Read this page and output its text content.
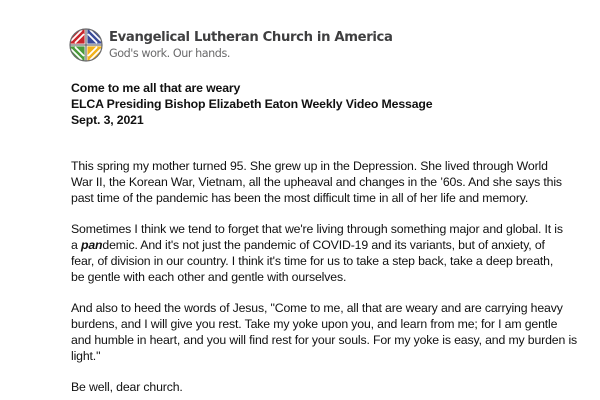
Evangelical Lutheran Church in America
God's work. Our hands.
Come to me all that are weary
ELCA Presiding Bishop Elizabeth Eaton Weekly Video Message
Sept. 3, 2021
This spring my mother turned 95. She grew up in the Depression. She lived through World
War II, the Korean War, Vietnam, all the upheaval and changes in the ’60s. And she says this
past time of the pandemic has been the most difficult time in all of her life and memory.
Sometimes I think we tend to forget that we're living through something major and global. It is
a pandemic. And it's not just the pandemic of COVID-19 and its variants, but of anxiety, of
fear, of division in our country. I think it's time for us to take a step back, take a deep breath,
be gentle with each other and gentle with ourselves.
And also to heed the words of Jesus, "Come to me, all that are weary and are carrying heavy
burdens, and I will give you rest. Take my yoke upon you, and learn from me; for I am gentle
and humble in heart, and you will find rest for your souls. For my yoke is easy, and my burden is
light."
Be well, dear church.
